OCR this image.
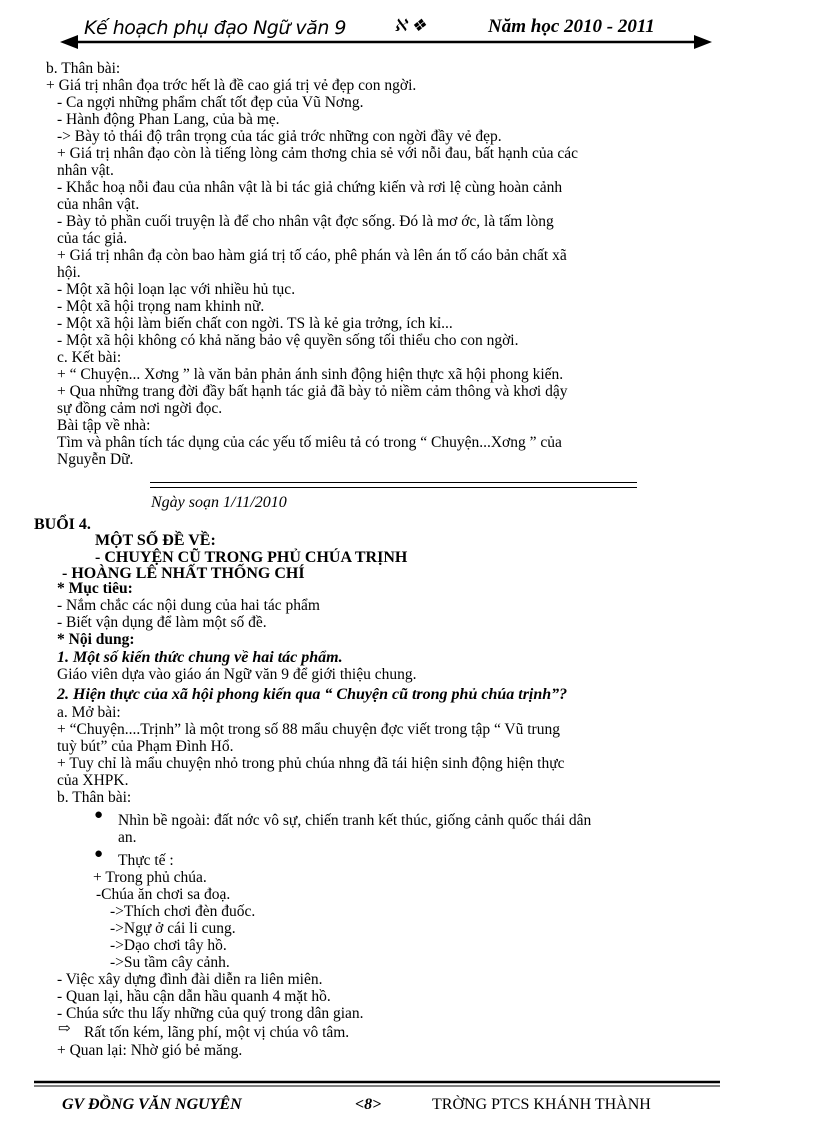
Kế hoạch phụ đạo Ngữ văn 9	ℵ ❖	Năm học 2010 - 2011
b. Thân bài:
+ Giá trị nhân đọa trớc hết là đề cao giá trị vẻ đẹp con ngời.
- Ca ngợi những phẩm chất tốt đẹp của Vũ Nơng.
- Hành động Phan Lang, của bà mẹ.
-> Bày tỏ thái độ trân trọng của tác giả trớc những con ngời đầy vẻ đẹp.
+ Giá trị nhân đạo còn là tiếng lòng cảm thơng chia sẻ với nỗi đau, bất hạnh của các
nhân vật.
- Khắc hoạ nỗi đau của nhân vật là bi tác giả chứng kiến và rơi lệ cùng hoàn cảnh
của nhân vật.
- Bày tỏ phần cuối truyện là để cho nhân vật đợc sống. Đó là mơ ớc, là tấm lòng
của tác giả.
+ Giá trị nhân đạ còn bao hàm giá trị tố cáo, phê phán và lên án tố cáo bản chất xã
hội.
- Một xã hội loạn lạc với nhiều hủ tục.
- Một xã hội trọng nam khinh nữ.
- Một xã hội làm biến chất con ngời. TS là kẻ gia trởng, ích kỉ...
- Một xã hội không có khả năng bảo vệ quyền sống tối thiểu cho con ngời.
c. Kết bài:
+ “ Chuyện... Xơng ” là văn bản phản ánh sinh động hiện thực xã hội phong kiến.
+ Qua những trang đời đầy bất hạnh tác giả đã bày tỏ niềm cảm thông và khơi dậy
sự đồng cảm nơi ngời đọc.
Bài tập về nhà:
Tìm và phân tích tác dụng của các yếu tố miêu tả có trong “ Chuyện...Xơng ” của
Nguyễn Dữ.
Ngày soạn 1/11/2010
BUỔI 4.
MỘT SỐ ĐỀ VỀ:
- CHUYỆN CŨ TRONG PHỦ CHÚA TRỊNH
- HOÀNG LÊ NHẤT THỐNG CHÍ
* Mục tiêu:
- Nắm chắc các nội dung của hai tác phẩm
- Biết vận dụng để làm một số đề.
* Nội dung:
1. Một số kiến thức chung về hai tác phẩm.
Giáo viên dựa vào giáo án Ngữ văn 9 để giới thiệu chung.
2. Hiện thực của xã hội phong kiến qua “ Chuyện cũ trong phủ chúa trịnh”?
a. Mở bài:
+ “Chuyện....Trịnh” là một trong số 88 mẩu chuyện đợc viết trong tập “ Vũ trung
tuỳ bút” của Phạm Đình Hổ.
+ Tuy chỉ là mẩu chuyện nhỏ trong phủ chúa nhng đã tái hiện sinh động hiện thực
của XHPK.
b. Thân bài:
● Nhìn bề ngoài: đất nớc vô sự, chiến tranh kết thúc, giống cảnh quốc thái dân
an.
● Thực tế :
+ Trong phủ chúa.
-Chúa ăn chơi sa đoạ.
->Thích chơi đèn đuốc.
->Ngự ở cái li cung.
->Dạo chơi tây hồ.
->Su tầm cây cảnh.
- Việc xây dựng đình đài diễn ra liên miên.
- Quan lại, hầu cận dẫn hầu quanh 4 mặt hồ.
- Chúa sức thu lấy những của quý trong dân gian.
⇨ Rất tốn kém, lãng phí, một vị chúa vô tâm.
+ Quan lại: Nhờ gió bẻ măng.
GV ĐỒNG VĂN NGUYÊN	<8>	TRỜNG PTCS KHÁNH THÀNH
